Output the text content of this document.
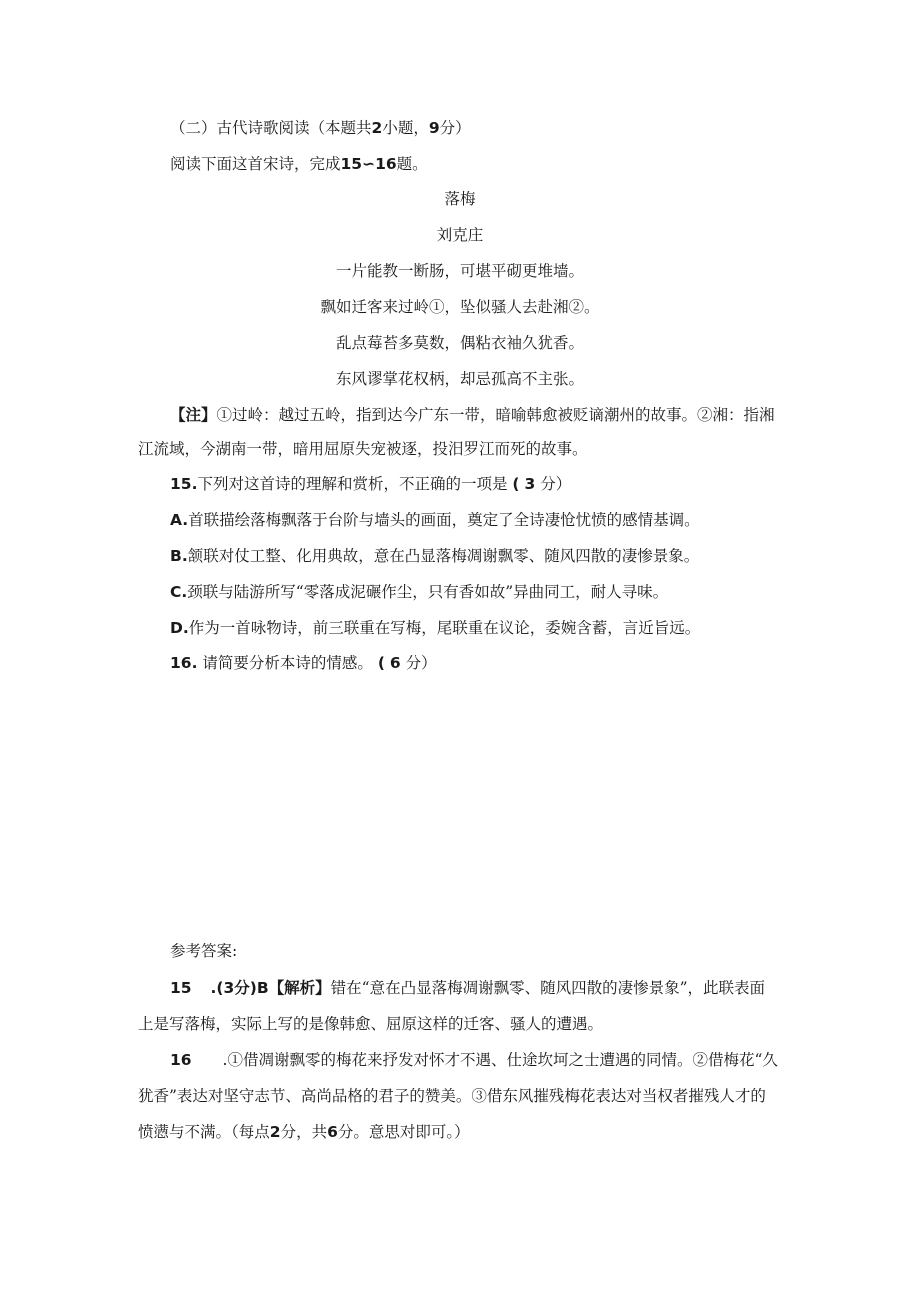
（二）古代诗歌阅读（本题共2小题，9分）
阅读下面这首宋诗，完成15∽16题。
落梅
刘克庄
一片能教一断肠，可堪平砌更堆墙。
飘如迁客来过岭①，坠似骚人去赴湘②。
乱点莓苔多莫数，偶粘衣袖久犹香。
东风谬掌花权柄，却忌孤高不主张。
【注】①过岭：越过五岭，指到达今广东一带，暗喻韩愈被贬谪潮州的故事。②湘：指湘
江流域，今湖南一带，暗用屈原失宠被逐，投汨罗江而死的故事。
15.下列对这首诗的理解和赏析，不正确的一项是 ( 3 分）
A.首联描绘落梅飘落于台阶与墙头的画面，奠定了全诗凄怆忧愤的感情基调。
B.颔联对仗工整、化用典故，意在凸显落梅凋谢飘零、随风四散的凄惨景象。
C.颈联与陆游所写“零落成泥碾作尘，只有香如故”异曲同工，耐人寻味。
D.作为一首咏物诗，前三联重在写梅，尾联重在议论，委婉含蓄，言近旨远。
16. 请简要分析本诗的情感。 ( 6 分）
参考答案:
15 .(3分)B【解析】错在“意在凸显落梅凋谢飘零、随风四散的凄惨景象”，此联表面
上是写落梅，实际上写的是像韩愈、屈原这样的迁客、骚人的遭遇。
16 .①借凋谢飘零的梅花来抒发对怀才不遇、仕途坎坷之士遭遇的同情。②借梅花“久
犹香”表达对坚守志节、高尚品格的君子的赞美。③借东风摧残梅花表达对当权者摧残人才的
愤懑与不满。（每点2分，共6分。意思对即可。）
